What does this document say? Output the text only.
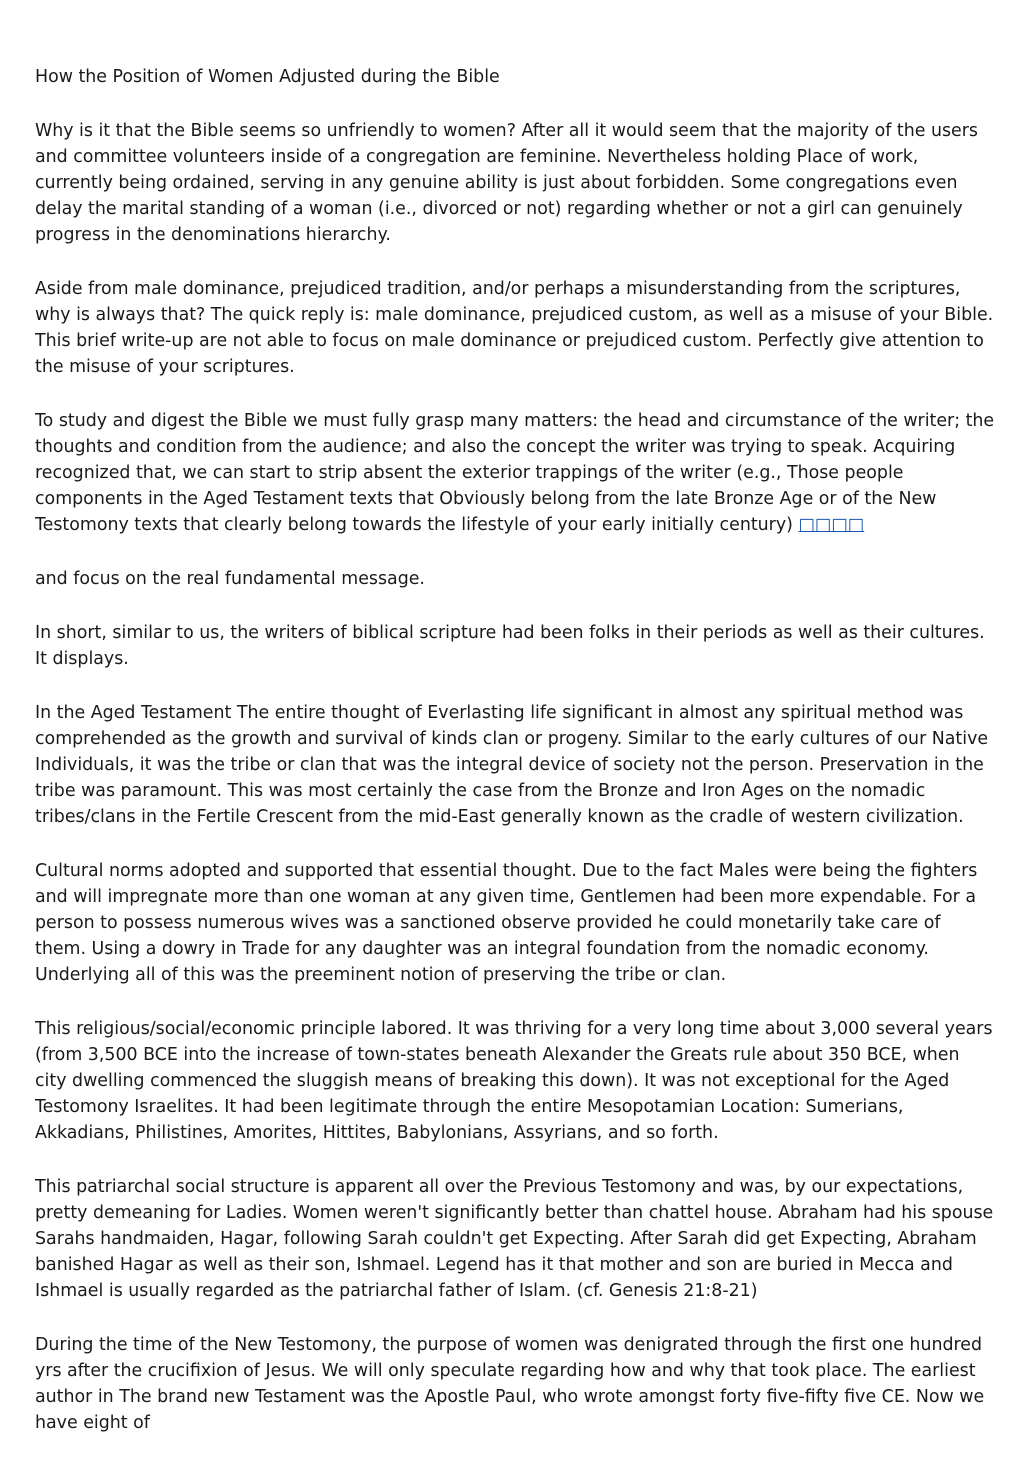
How the Position of Women Adjusted during the Bible

Why is it that the Bible seems so unfriendly to women? After all it would seem that the majority of the users and committee volunteers inside of a congregation are feminine. Nevertheless holding Place of work, currently being ordained, serving in any genuine ability is just about forbidden. Some congregations even delay the marital standing of a woman (i.e., divorced or not) regarding whether or not a girl can genuinely progress in the denominations hierarchy.

Aside from male dominance, prejudiced tradition, and/or perhaps a misunderstanding from the scriptures, why is always that? The quick reply is: male dominance, prejudiced custom, as well as a misuse of your Bible. This brief write-up are not able to focus on male dominance or prejudiced custom. Perfectly give attention to the misuse of your scriptures.

To study and digest the Bible we must fully grasp many matters: the head and circumstance of the writer; the thoughts and condition from the audience; and also the concept the writer was trying to speak. Acquiring recognized that, we can start to strip absent the exterior trappings of the writer (e.g., Those people components in the Aged Testament texts that Obviously belong from the late Bronze Age or of the New Testomony texts that clearly belong towards the lifestyle of your early initially century) □□□□

and focus on the real fundamental message.

In short, similar to us, the writers of biblical scripture had been folks in their periods as well as their cultures. It displays.

In the Aged Testament The entire thought of Everlasting life significant in almost any spiritual method was comprehended as the growth and survival of kinds clan or progeny. Similar to the early cultures of our Native Individuals, it was the tribe or clan that was the integral device of society not the person. Preservation in the tribe was paramount. This was most certainly the case from the Bronze and Iron Ages on the nomadic tribes/clans in the Fertile Crescent from the mid-East generally known as the cradle of western civilization.

Cultural norms adopted and supported that essential thought. Due to the fact Males were being the fighters and will impregnate more than one woman at any given time, Gentlemen had been more expendable. For a person to possess numerous wives was a sanctioned observe provided he could monetarily take care of them. Using a dowry in Trade for any daughter was an integral foundation from the nomadic economy. Underlying all of this was the preeminent notion of preserving the tribe or clan.

This religious/social/economic principle labored. It was thriving for a very long time about 3,000 several years (from 3,500 BCE into the increase of town-states beneath Alexander the Greats rule about 350 BCE, when city dwelling commenced the sluggish means of breaking this down). It was not exceptional for the Aged Testomony Israelites. It had been legitimate through the entire Mesopotamian Location: Sumerians, Akkadians, Philistines, Amorites, Hittites, Babylonians, Assyrians, and so forth.

This patriarchal social structure is apparent all over the Previous Testomony and was, by our expectations, pretty demeaning for Ladies. Women weren't significantly better than chattel house. Abraham had his spouse Sarahs handmaiden, Hagar, following Sarah couldn't get Expecting. After Sarah did get Expecting, Abraham banished Hagar as well as their son, Ishmael. Legend has it that mother and son are buried in Mecca and Ishmael is usually regarded as the patriarchal father of Islam. (cf. Genesis 21:8-21)

During the time of the New Testomony, the purpose of women was denigrated through the first one hundred yrs after the crucifixion of Jesus. We will only speculate regarding how and why that took place. The earliest author in The brand new Testament was the Apostle Paul, who wrote amongst forty five-fifty five CE. Now we have eight of
